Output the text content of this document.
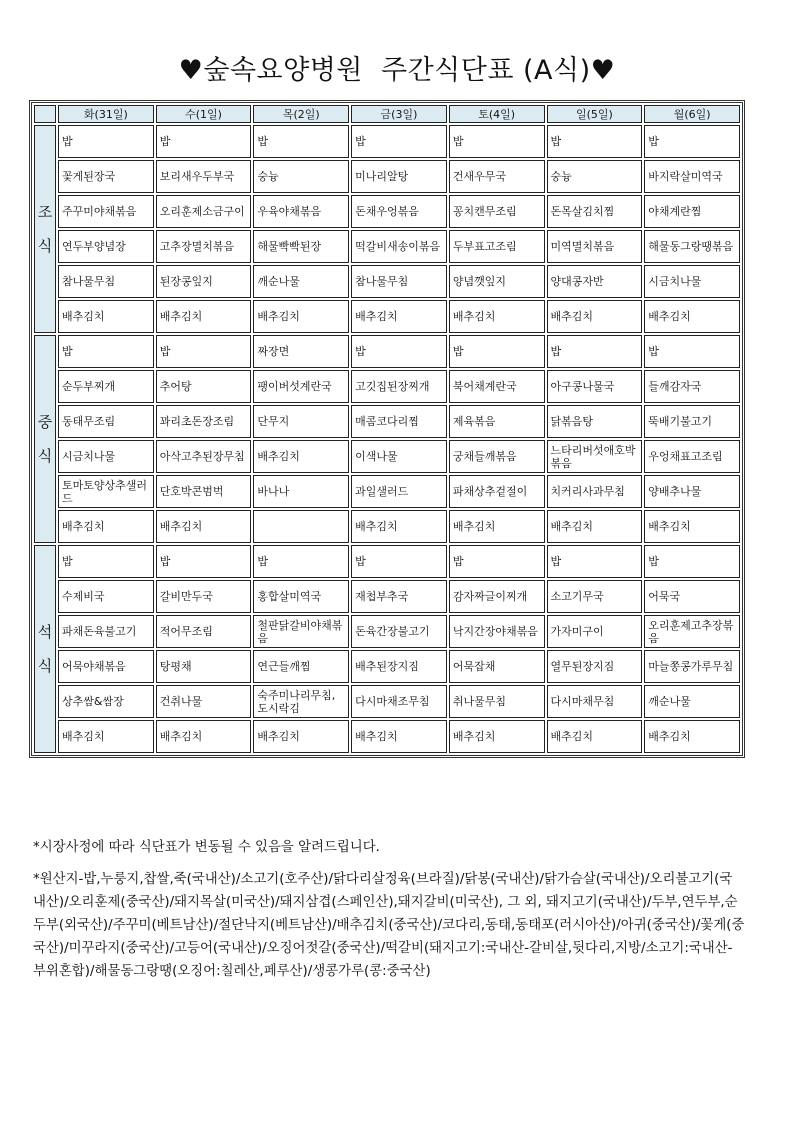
♥숲속요양병원  주간식단표 (A식)♥
	화(31일)	수(1일)	목(2일)	금(3일)	토(4일)	일(5일)	월(6일)
조
식	밥	밥	밥	밥	밥	밥	밥
	꽃게된장국	보리새우두부국	숭늉	미나리알탕	건새우무국	숭늉	바지락살미역국
	주꾸미야채볶음	오리훈제소금구이	우육야채볶음	돈채우엉볶음	꽁치캔무조림	돈목살김치찜	야채계란찜
	연두부양념장	고추장멸치볶음	해물빡빡된장	떡갈비새송이볶음	두부표고조림	미역멸치볶음	해물동그랑땡볶음
	참나물무침	된장콩잎지	깨순나물	참나물무침	양념깻잎지	양대콩자반	시금치나물
	배추김치	배추김치	배추김치	배추김치	배추김치	배추김치	배추김치
중
식	밥	밥	짜장면	밥	밥	밥	밥
	순두부찌개	추어탕	팽이버섯계란국	고깃집된장찌개	북어채계란국	아구콩나물국	들깨감자국
	동태무조림	꽈리초돈장조림	단무지	매콤코다리찜	제육볶음	닭볶음탕	뚝배기불고기
	시금치나물	아삭고추된장무침	배추김치	이색나물	궁채들깨볶음	느타리버섯애호박볶음	우엉채표고조림
	토마토양상추샐러드	단호박콘범벅	바나나	과일샐러드	파채상추겉절이	치커리사과무침	양배추나물
	배추김치	배추김치		배추김치	배추김치	배추김치	배추김치
석
식	밥	밥	밥	밥	밥	밥	밥
	수제비국	갈비만두국	홍합살미역국	재첩부추국	감자짜글이찌개	소고기무국	어묵국
	파채돈육불고기	적어무조림	철판닭갈비야채볶음	돈육간장불고기	낙지간장야채볶음	가자미구이	오리훈제고추장볶음
	어묵야채볶음	탕평채	연근들깨찜	배추된장지짐	어묵잡채	열무된장지짐	마늘쫑콩가루무침
	상추쌈&쌈장	건취나물	숙주미나리무침,도시락김	다시마채조무침	취나물무침	다시마채무침	깨순나물
	배추김치	배추김치	배추김치	배추김치	배추김치	배추김치	배추김치

*시장사정에 따라 식단표가 변동될 수 있음을 알려드립니다.

*원산지-밥,누룽지,찹쌀,죽(국내산)/소고기(호주산)/닭다리살정육(브라질)/닭봉(국내산)/닭가슴살(국내산)/오리불고기(국내산)/오리훈제(중국산)/돼지목살(미국산)/돼지삼겹(스페인산),돼지갈비(미국산), 그 외, 돼지고기(국내산)/두부,연두부,순두부(외국산)/주꾸미(베트남산)/절단낙지(베트남산)/배추김치(중국산)/코다리,동태,동태포(러시아산)/아귀(중국산)/꽃게(중국산)/미꾸라지(중국산)/고등어(국내산)/오징어젓갈(중국산)/떡갈비(돼지고기:국내산-갈비살,뒷다리,지방/소고기:국내산-부위혼합)/해물동그랑땡(오징어:칠레산,페루산)/생콩가루(콩:중국산)
